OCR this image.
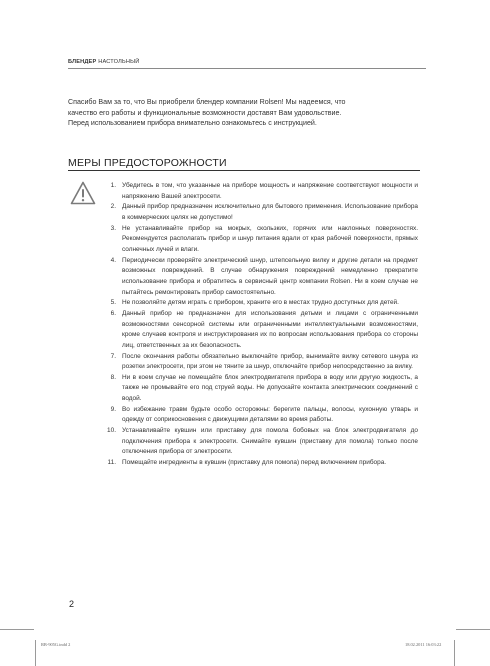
БЛЕНДЕР НАСТОЛЬНЫЙ

Спасибо Вам за то, что Вы приобрели блендер компании Rolsen! Мы надеемся, что

качество его работы и функциональные возможности доставят Вам удовольствие.

Перед использованием прибора внимательно ознакомьтесь с инструкцией.

МЕРЫ ПРЕДОСТОРОЖНОСТИ
1. Убедитесь в том, что указанные на приборе мощность и напряжение соответствуют мощности и напряжению Вашей электросети.
2. Данный прибор предназначен исключительно для бытового применения. Использование прибора в коммерческих целях не допустимо!
3. Не устанавливайте прибор на мокрых, скользких, горячих или наклонных поверхностях. Рекомендуется располагать прибор и шнур питания вдали от края рабочей поверхности, прямых солнечных лучей и влаги.
4. Периодически проверяйте электрический шнур, штепсельную вилку и другие детали на предмет возможных повреждений. В случае обнаружения повреждений немедленно прекратите использование прибора и обратитесь в сервисный центр компании Rolsen. Ни в коем случае не пытайтесь ремонтировать прибор самостоятельно.
5. Не позволяйте детям играть с прибором, храните его в местах трудно доступных для детей.
6. Данный прибор не предназначен для использования детьми и лицами с ограниченными возможностями сенсорной системы или ограниченными интеллектуальными возможностями, кроме случаев контроля и инструктирования их по вопросам использования прибора со стороны лиц, ответственных за их безопасность.
7. После окончания работы обязательно выключайте прибор, вынимайте вилку сетевого шнура из розетки электросети, при этом не тяните за шнур, отключайте прибор непосредственно за вилку.
8. Ни в коем случае не помещайте блок электродвигателя прибора в воду или другую жидкость, а также не промывайте его под струей воды. Не допускайте контакта электрических соединений с водой.
9. Во избежание травм будьте особо осторожны: берегите пальцы, волосы, кухонную утварь и одежду от соприкосновения с движущими деталями во время работы.
10. Устанавливайте кувшин или приставку для помола бобовых на блок электродвигателя до подключения прибора к электросети. Снимайте кувшин (приставку для помола) только после отключения прибора от электросети.
11. Помещайте ингредиенты в кувшин (приставку для помола) перед включением прибора.
2
RB-905G.indd 2	18.02.2011 16:03:22
